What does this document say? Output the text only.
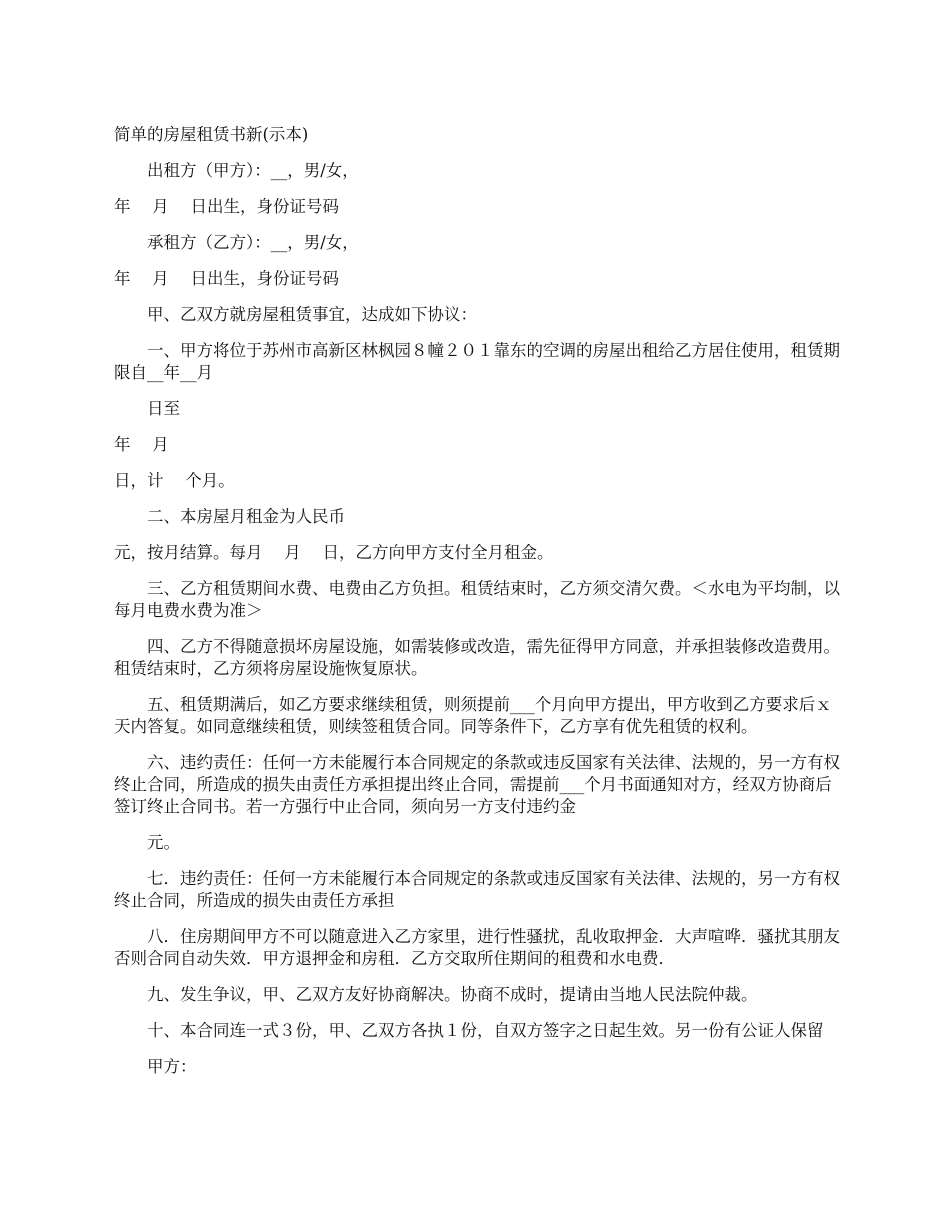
简单的房屋租赁书新(示本)

出租方（甲方）：__，男/女，

年　 月　 日出生，身份证号码

承租方（乙方）：__，男/女，

年　 月　 日出生，身份证号码

甲、乙双方就房屋租赁事宜，达成如下协议：

一、甲方将位于苏州市高新区林枫园８幢２０１靠东的空调的房屋出租给乙方居住使用，租赁期限自__年__月

日至

年　 月

日，计　 个月。

二、本房屋月租金为人民币

元，按月结算。每月　 月　 日，乙方向甲方支付全月租金。

三、乙方租赁期间水费、电费由乙方负担。租赁结束时，乙方须交清欠费。＜水电为平均制，以每月电费水费为准＞

四、乙方不得随意损坏房屋设施，如需装修或改造，需先征得甲方同意，并承担装修改造费用。租赁结束时，乙方须将房屋设施恢复原状。

五、租赁期满后，如乙方要求继续租赁，则须提前___个月向甲方提出，甲方收到乙方要求后ｘ天内答复。如同意继续租赁，则续签租赁合同。同等条件下，乙方享有优先租赁的权利。

六、违约责任：任何一方未能履行本合同规定的条款或违反国家有关法律、法规的，另一方有权终止合同，所造成的损失由责任方承担提出终止合同，需提前___个月书面通知对方，经双方协商后签订终止合同书。若一方强行中止合同，须向另一方支付违约金

元。

七．违约责任：任何一方未能履行本合同规定的条款或违反国家有关法律、法规的，另一方有权终止合同，所造成的损失由责任方承担

八．住房期间甲方不可以随意进入乙方家里，进行性骚扰，乱收取押金．大声喧哗．骚扰其朋友否则合同自动失效．甲方退押金和房租．乙方交取所住期间的租费和水电费．

九、发生争议，甲、乙双方友好协商解决。协商不成时，提请由当地人民法院仲裁。

十、本合同连一式３份，甲、乙双方各执１份，自双方签字之日起生效。另一份有公证人保留

甲方：
